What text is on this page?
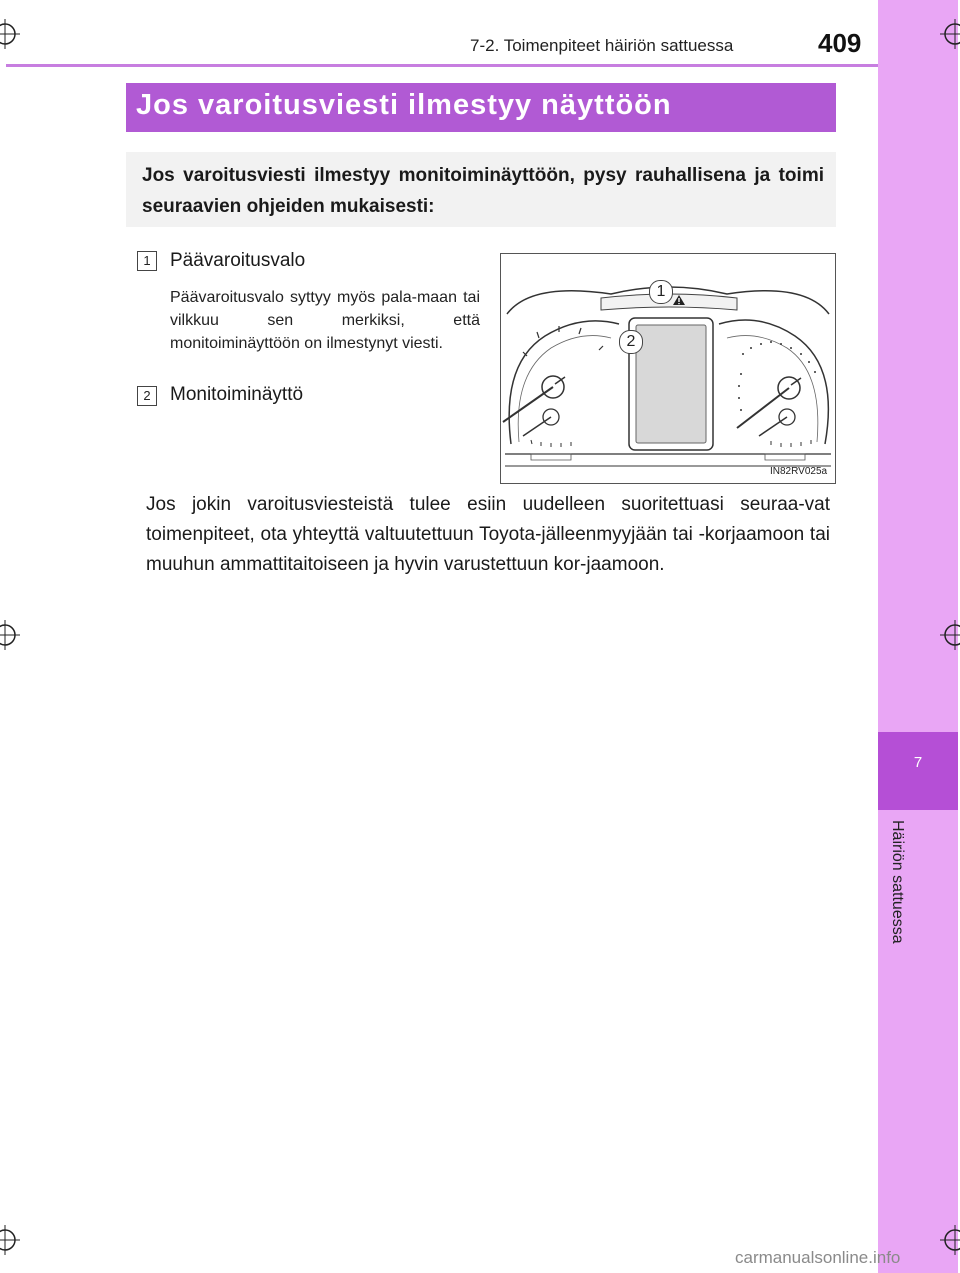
7
Häiriön sattuessa
7-2. Toimenpiteet häiriön sattuessa	409
Jos varoitusviesti ilmestyy näyttöön
Jos varoitusviesti ilmestyy monitoiminäyttöön, pysy rauhallisena ja toimi seuraavien ohjeiden mukaisesti:
1	Päävaroitusvalo
Päävaroitusvalo syttyy myös pala-maan tai vilkkuu sen merkiksi, että monitoiminäyttöön on ilmestynyt viesti.
2	Monitoiminäyttö
1
2
IN82RV025a
Jos jokin varoitusviesteistä tulee esiin uudelleen suoritettuasi seuraa-vat toimenpiteet, ota yhteyttä valtuutettuun Toyota-jälleenmyyjään tai -korjaamoon tai muuhun ammattitaitoiseen ja hyvin varustettuun kor-jaamoon.
carmanualsonline.info
